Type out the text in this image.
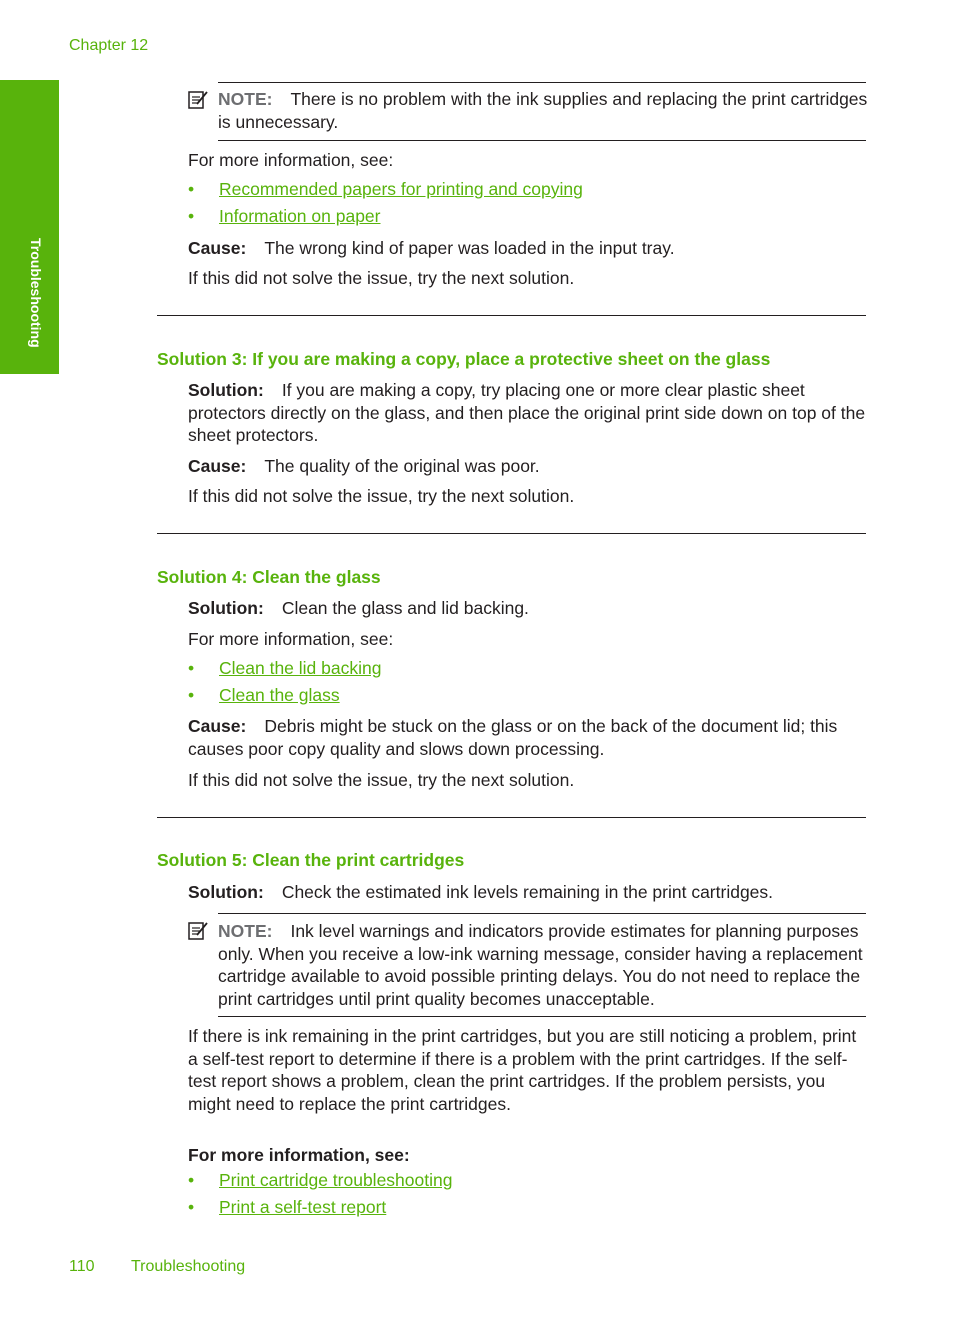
Chapter 12
Troubleshooting
NOTE: There is no problem with the ink supplies and replacing the print cartridges is unnecessary.
For more information, see:
• Recommended papers for printing and copying
• Information on paper
Cause: The wrong kind of paper was loaded in the input tray.
If this did not solve the issue, try the next solution.
Solution 3: If you are making a copy, place a protective sheet on the glass
Solution: If you are making a copy, try placing one or more clear plastic sheet protectors directly on the glass, and then place the original print side down on top of the sheet protectors.
Cause: The quality of the original was poor.
If this did not solve the issue, try the next solution.
Solution 4: Clean the glass
Solution: Clean the glass and lid backing.
For more information, see:
• Clean the lid backing
• Clean the glass
Cause: Debris might be stuck on the glass or on the back of the document lid; this causes poor copy quality and slows down processing.
If this did not solve the issue, try the next solution.
Solution 5: Clean the print cartridges
Solution: Check the estimated ink levels remaining in the print cartridges.
NOTE: Ink level warnings and indicators provide estimates for planning purposes only. When you receive a low-ink warning message, consider having a replacement cartridge available to avoid possible printing delays. You do not need to replace the print cartridges until print quality becomes unacceptable.
If there is ink remaining in the print cartridges, but you are still noticing a problem, print a self-test report to determine if there is a problem with the print cartridges. If the self-test report shows a problem, clean the print cartridges. If the problem persists, you might need to replace the print cartridges.
For more information, see:
• Print cartridge troubleshooting
• Print a self-test report
110 Troubleshooting
